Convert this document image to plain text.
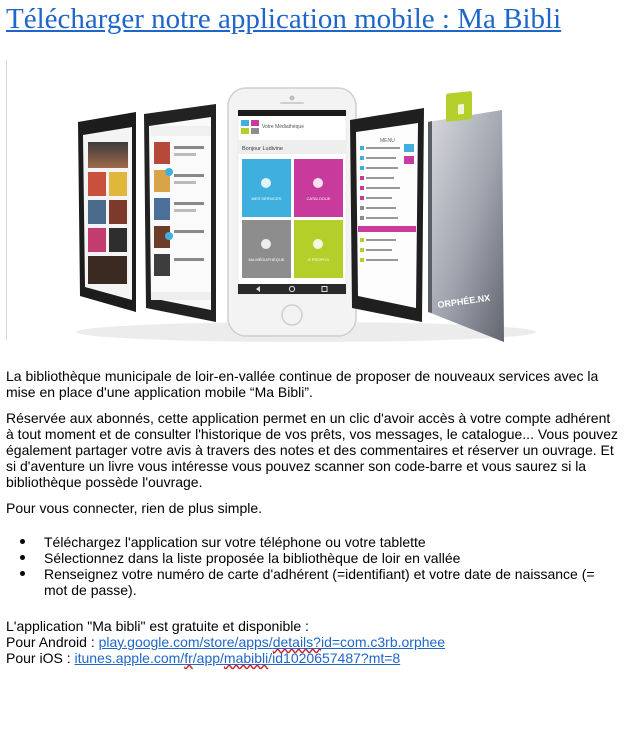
Télécharger notre application mobile : Ma Bibli
Votre Médiathèque
Bonjour Ludivine
MES SERVICES	CATALOGUE
MA MÉDIATHÈQUE	À PROPOS
MENU
ORPHÉE.NX

La bibliothèque municipale de loir-en-vallée continue de proposer de nouveaux services avec la mise en place d'une application mobile “Ma Bibli”.

Réservée aux abonnés, cette application permet en un clic d'avoir accès à votre compte adhérent à tout moment et de consulter l'historique de vos prêts, vos messages, le catalogue... Vous pouvez également partager votre avis à travers des notes et des commentaires et réserver un ouvrage. Et si d'aventure un livre vous intéresse vous pouvez scanner son code-barre et vous saurez si la bibliothèque possède l'ouvrage.

Pour vous connecter, rien de plus simple.

Téléchargez l'application sur votre téléphone ou votre tablette
Sélectionnez dans la liste proposée la bibliothèque de loir en vallée
Renseignez votre numéro de carte d'adhérent (=identifiant) et votre date de naissance (= mot de passe).
L'application "Ma bibli" est gratuite et disponible :
Pour Android : play.google.com/store/apps/details?id=com.c3rb.orphee
Pour iOS : itunes.apple.com/fr/app/mabibli/id1020657487?mt=8
